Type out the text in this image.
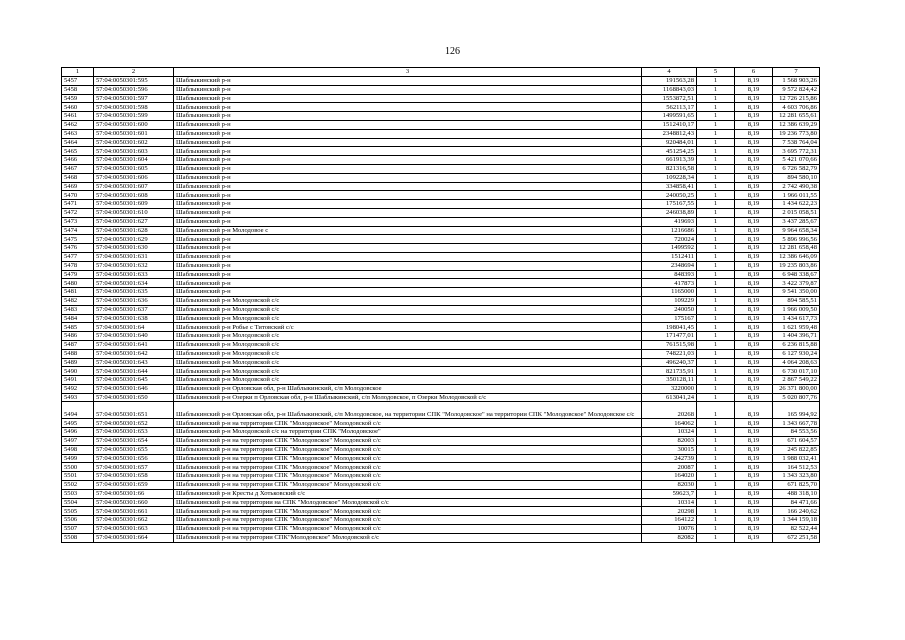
126
1	2	3	4	5	6	7
5457	57:04:0050301:595	Шаблыкинский р-н	191563,28	1	8,19	1 568 903,26
5458	57:04:0050301:596	Шаблыкинский р-н	1168843,03	1	8,19	9 572 824,42
5459	57:04:0050301:597	Шаблыкинский р-н	1553872,51	1	8,19	12 726 215,86
5460	57:04:0050301:598	Шаблыкинский р-н	562113,17	1	8,19	4 603 706,86
5461	57:04:0050301:599	Шаблыкинский р-н	1499591,65	1	8,19	12 281 655,61
5462	57:04:0050301:600	Шаблыкинский р-н	1512410,17	1	8,19	12 386 639,29
5463	57:04:0050301:601	Шаблыкинский р-н	2348812,43	1	8,19	19 236 773,80
5464	57:04:0050301:602	Шаблыкинский р-н	920484,01	1	8,19	7 538 764,04
5465	57:04:0050301:603	Шаблыкинский р-н	451254,25	1	8,19	3 695 772,31
5466	57:04:0050301:604	Шаблыкинский р-н	661913,39	1	8,19	5 421 070,66
5467	57:04:0050301:605	Шаблыкинский р-н	821316,58	1	8,19	6 726 582,79
5468	57:04:0050301:606	Шаблыкинский р-н	109228,34	1	8,19	894 580,10
5469	57:04:0050301:607	Шаблыкинский р-н	334858,41	1	8,19	2 742 490,38
5470	57:04:0050301:608	Шаблыкинский р-н	240050,25	1	8,19	1 966 011,55
5471	57:04:0050301:609	Шаблыкинский р-н	175167,55	1	8,19	1 434 622,23
5472	57:04:0050301:610	Шаблыкинский р-н	246038,89	1	8,19	2 015 058,51
5473	57:04:0050301:627	Шаблыкинский р-н	419693	1	8,19	3 437 285,67
5474	57:04:0050301:628	Шаблыкинский р-н Молодовое с	1216686	1	8,19	9 964 658,34
5475	57:04:0050301:629	Шаблыкинский р-н	720024	1	8,19	5 896 996,56
5476	57:04:0050301:630	Шаблыкинский р-н	1499592	1	8,19	12 281 658,48
5477	57:04:0050301:631	Шаблыкинский р-н	1512411	1	8,19	12 386 646,09
5478	57:04:0050301:632	Шаблыкинский р-н	2348694	1	8,19	19 235 803,86
5479	57:04:0050301:633	Шаблыкинский р-н	848393	1	8,19	6 948 338,67
5480	57:04:0050301:634	Шаблыкинский р-н	417873	1	8,19	3 422 379,87
5481	57:04:0050301:635	Шаблыкинский р-н	1165000	1	8,19	9 541 350,00
5482	57:04:0050301:636	Шаблыкинский р-н Молодовской с/с	109229	1	8,19	894 585,51
5483	57:04:0050301:637	Шаблыкинский р-н Молодовской с/с	240050	1	8,19	1 966 009,50
5484	57:04:0050301:638	Шаблыкинский р-н Молодовской с/с	175167	1	8,19	1 434 617,73
5485	57:04:0050301:64	Шаблыкинский р-н Робье с Титовский с/с	198041,45	1	8,19	1 621 959,48
5486	57:04:0050301:640	Шаблыкинский р-н Молодовской с/с	171477,01	1	8,19	1 404 396,71
5487	57:04:0050301:641	Шаблыкинский р-н Молодовской с/с	761515,98	1	8,19	6 236 815,88
5488	57:04:0050301:642	Шаблыкинский р-н Молодовской с/с	748221,03	1	8,19	6 127 930,24
5489	57:04:0050301:643	Шаблыкинский р-н Молодовской с/с	496240,37	1	8,19	4 064 208,63
5490	57:04:0050301:644	Шаблыкинский р-н Молодовской с/с	821735,91	1	8,19	6 730 017,10
5491	57:04:0050301:645	Шаблыкинский р-н Молодовской с/с	350128,11	1	8,19	2 867 549,22
5492	57:04:0050301:646	Шаблыкинский р-н Орловская обл, р-н Шаблыкинский, с/п Молодовское	3220000	1	8,19	26 371 800,00
5493	57:04:0050301:650	Шаблыкинский р-н Озерки п Орловская обл, р-н Шаблыкинский, с/п Молодовское, п Озерки Молодовской с/с	613041,24	1	8,19	5 020 807,76
5494	57:04:0050301:651	Шаблыкинский р-н Орловская обл, р-н Шаблыкинский, с/п Молодовское, на территории СПК "Молодовское" на территории СПК "Молодовское" Молодовское с/с	20268	1	8,19	165 994,92
5495	57:04:0050301:652	Шаблыкинский р-н на территории СПК "Молодовское" Молодовской с/с	164062	1	8,19	1 343 667,78
5496	57:04:0050301:653	Шаблыкинский р-н Молодовской с/с на территории СПК "Молодовское"	10324	1	8,19	84 553,56
5497	57:04:0050301:654	Шаблыкинский р-н на территории СПК "Молодовское" Молодовской с/с	82003	1	8,19	671 604,57
5498	57:04:0050301:655	Шаблыкинский р-н на территории СПК "Молодовское" Молодовской с/с	30015	1	8,19	245 822,85
5499	57:04:0050301:656	Шаблыкинский р-н на территории СПК "Молодовское" Молодовской с/с	242739	1	8,19	1 988 032,41
5500	57:04:0050301:657	Шаблыкинский р-н на территории СПК "Молодовское" Молодовской с/с	20087	1	8,19	164 512,53
5501	57:04:0050301:658	Шаблыкинский р-н на территории СПК "Молодовское" Молодовской с/с	164020	1	8,19	1 343 323,80
5502	57:04:0050301:659	Шаблыкинский р-н на территории СПК "Молодовское" Молодовской с/с	82030	1	8,19	671 825,70
5503	57:04:0050301:66	Шаблыкинский р-н Кресты д Хотьковский с/с	59623,7	1	8,19	488 318,10
5504	57:04:0050301:660	Шаблыкинский р-н на территории на СПК "Молодовское" Молодовской с/с	10314	1	8,19	84 471,66
5505	57:04:0050301:661	Шаблыкинский р-н на территории СПК "Молодовское" Молодовской с/с	20298	1	8,19	166 240,62
5506	57:04:0050301:662	Шаблыкинский р-н на территории СПК "Молодовское" Молодовской с/с	164122	1	8,19	1 344 159,18
5507	57:04:0050301:663	Шаблыкинский р-н на территории СПК "Молодовское" Молодовской с/с	10076	1	8,19	82 522,44
5508	57:04:0050301:664	Шаблыкинский р-н на территории СПК"Молодовское" Молодовской с/с	82082	1	8,19	672 251,58
